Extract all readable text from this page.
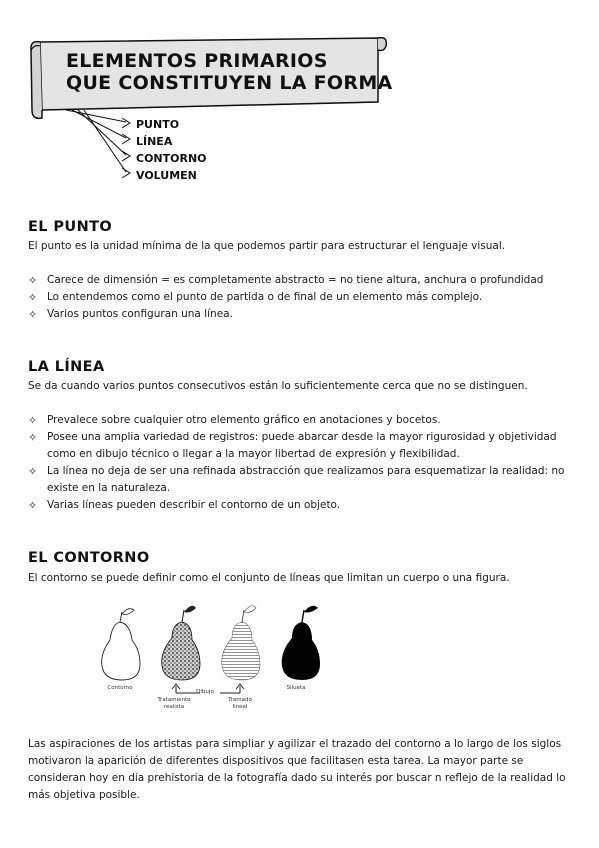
ELEMENTOS PRIMARIOS
QUE CONSTITUYEN LA FORMA
PUNTO
LÍNEA
CONTORNO
VOLUMEN
EL PUNTO
El punto es la unidad mínima de la que podemos partir para estructurar el lenguaje visual.
✧ Carece de dimensión = es completamente abstracto = no tiene altura, anchura o profundidad
✧ Lo entendemos como el punto de partida o de final de un elemento más complejo.
✧ Varios puntos configuran una línea.
LA LÍNEA
Se da cuando varios puntos consecutivos están lo suficientemente cerca que no se distinguen.
✧ Prevalece sobre cualquier otro elemento gráfico en anotaciones y bocetos.
✧ Posee una amplia variedad de registros: puede abarcar desde la mayor rigurosidad y objetividad como en dibujo técnico o llegar a la mayor libertad de expresión y flexibilidad.
✧ La línea no deja de ser una refinada abstracción que realizamos para esquematizar la realidad: no existe en la naturaleza.
✧ Varias líneas pueden describir el contorno de un objeto.
EL CONTORNO
El contorno se puede definir como el conjunto de líneas que limitan un cuerpo o una figura.
Contorno
Dibujo
Silueta
Tratamiento
realista
Tramado
lineal
Las aspiraciones de los artistas para simpliar y agilizar el trazado del contorno a lo largo de los siglos motivaron la aparición de diferentes dispositivos que facilitasen esta tarea. La mayor parte se consideran hoy en día prehistoria de la fotografía dado su interés por buscar n reflejo de la realidad lo más objetiva posible.
